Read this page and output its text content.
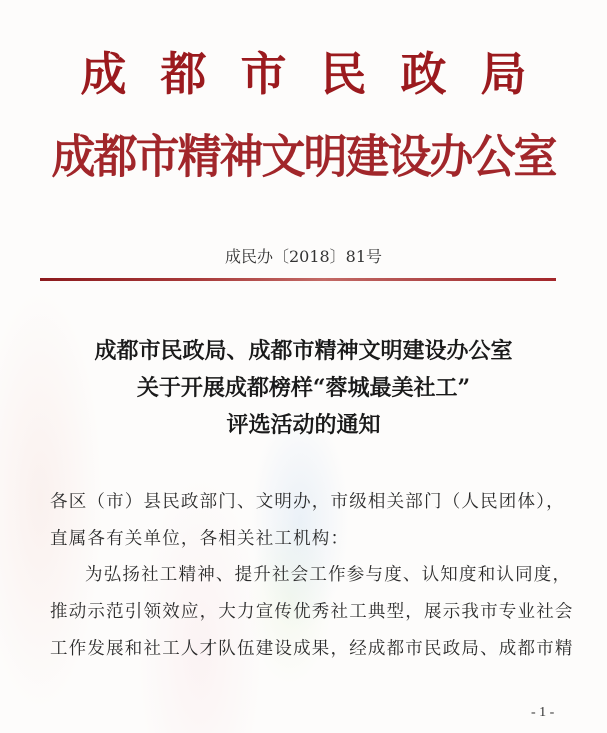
成都市民政局
成都市精神文明建设办公室
成民办〔2018〕81号
成都市民政局、成都市精神文明建设办公室
关于开展成都榜样“蓉城最美社工”
评选活动的通知
各区（市）县民政部门、文明办，市级相关部门（人民团体），
直属各有关单位，各相关社工机构：
为弘扬社工精神、提升社会工作参与度、认知度和认同度，
推动示范引领效应，大力宣传优秀社工典型，展示我市专业社会
工作发展和社工人才队伍建设成果，经成都市民政局、成都市精
- 1 -
